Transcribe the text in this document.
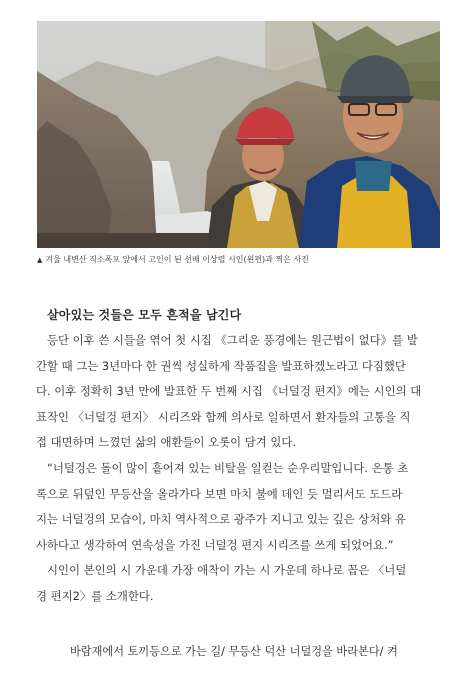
▲ 겨울 내변산 직소폭포 앞에서 고인이 된 선배 이상렬 시인(왼편)과 찍은 사진
살아있는 것들은 모두 흔적을 남긴다
등단 이후 쓴 시들을 엮어 첫 시집 《그리운 풍경에는 원근법이 없다》를 발
간할 때 그는 3년마다 한 권씩 성실하게 작품집을 발표하겠노라고 다짐했단
다. 이후 정확히 3년 만에 발표한 두 번째 시집 《너덜겅 편지》에는 시인의 대
표작인 〈너덜겅 편지〉 시리즈와 함께 의사로 일하면서 환자들의 고통을 직
접 대면하며 느꼈던 삶의 애환들이 오롯이 담겨 있다.
“너덜겅은 돌이 많이 흩어져 있는 비탈을 일컫는 순우리말입니다. 온통 초
록으로 뒤덮인 무등산을 올라가다 보면 마치 불에 데인 듯 멀리서도 도드라
지는 너덜겅의 모습이, 마치 역사적으로 광주가 지니고 있는 깊은 상처와 유
사하다고 생각하여 연속성을 가진 너덜겅 편지 시리즈를 쓰게 되었어요.”
시인이 본인의 시 가운데 가장 애착이 가는 시 가운데 하나로 꼽은 〈너덜
경 편지2〉를 소개한다.
바람재에서 토끼등으로 가는 길/ 무등산 덕산 너덜겅을 바라본다/ 켜
